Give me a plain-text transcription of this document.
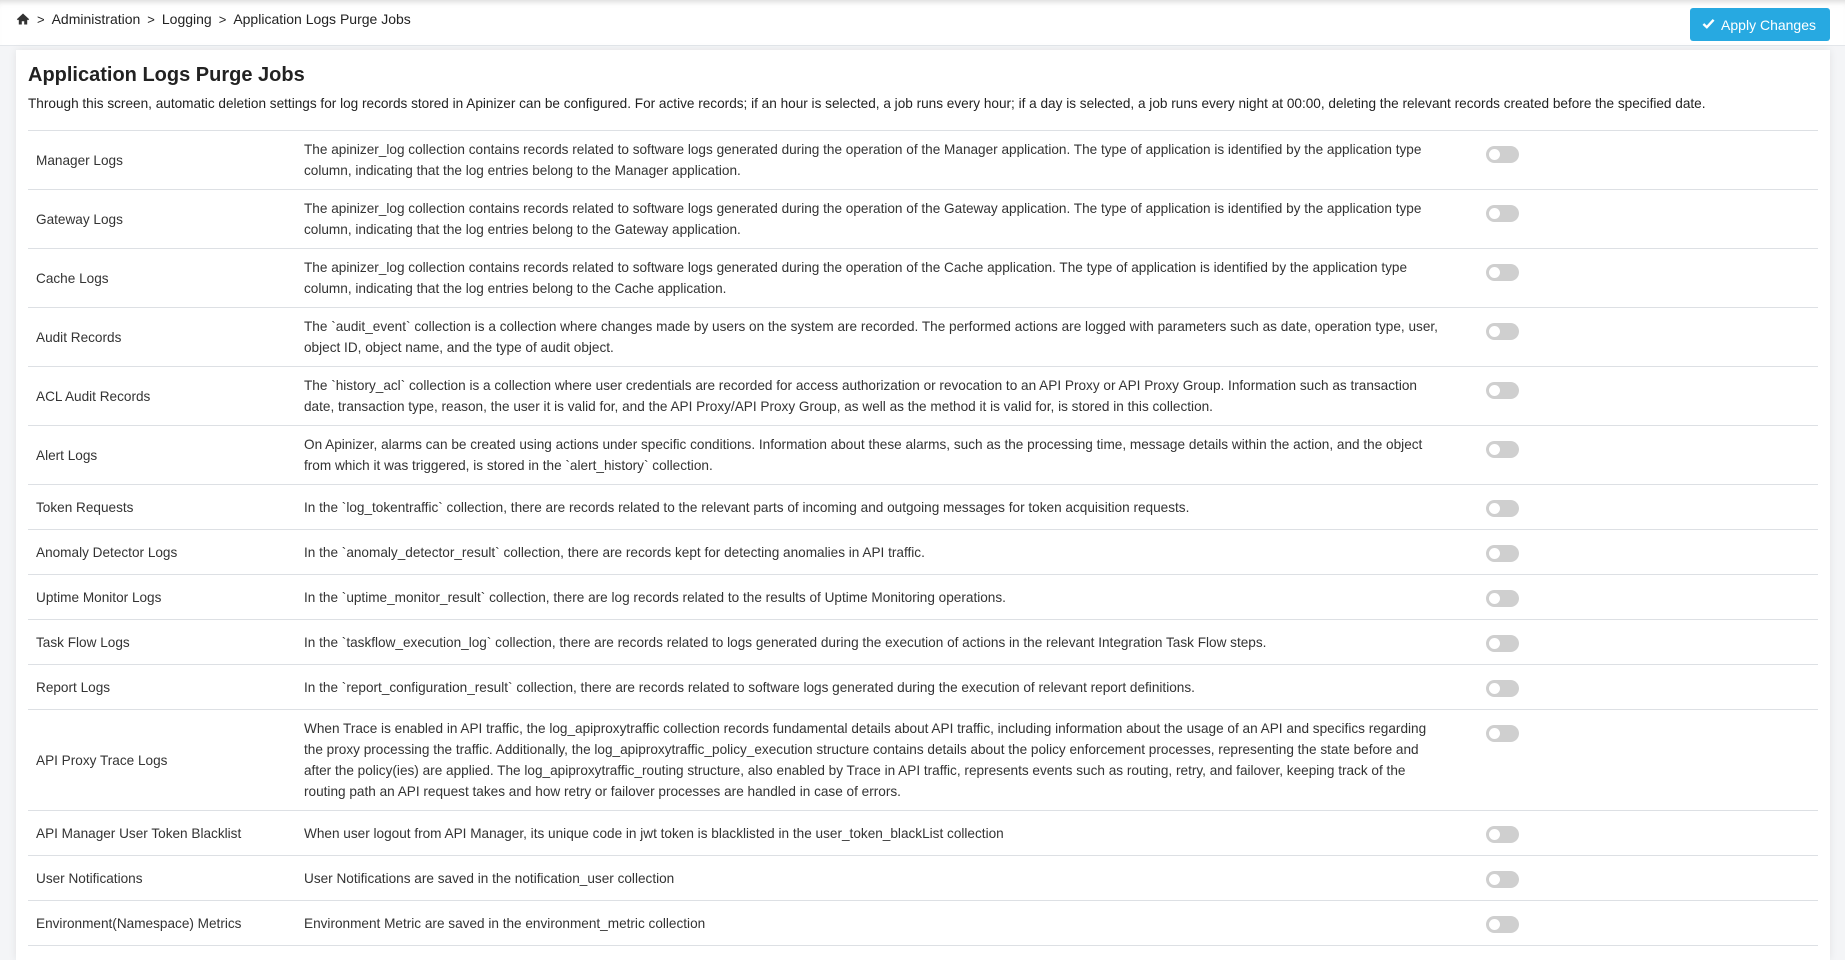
> Administration > Logging > Application Logs Purge Jobs	Apply Changes
Application Logs Purge Jobs
Through this screen, automatic deletion settings for log records stored in Apinizer can be configured. For active records; if an hour is selected, a job runs every hour; if a day is selected, a job runs every night at 00:00, deleting the relevant records created before the specified date.
Manager Logs	The apinizer_log collection contains records related to software logs generated during the operation of the Manager application. The type of application is identified by the application type column, indicating that the log entries belong to the Manager application.	

Gateway Logs	The apinizer_log collection contains records related to software logs generated during the operation of the Gateway application. The type of application is identified by the application type column, indicating that the log entries belong to the Gateway application.	

Cache Logs	The apinizer_log collection contains records related to software logs generated during the operation of the Cache application. The type of application is identified by the application type column, indicating that the log entries belong to the Cache application.	

Audit Records	The `audit_event` collection is a collection where changes made by users on the system are recorded. The performed actions are logged with parameters such as date, operation type, user, object ID, object name, and the type of audit object.	

ACL Audit Records	The `history_acl` collection is a collection where user credentials are recorded for access authorization or revocation to an API Proxy or API Proxy Group. Information such as transaction date, transaction type, reason, the user it is valid for, and the API Proxy/API Proxy Group, as well as the method it is valid for, is stored in this collection.	

Alert Logs	On Apinizer, alarms can be created using actions under specific conditions. Information about these alarms, such as the processing time, message details within the action, and the object from which it was triggered, is stored in the `alert_history` collection.	

Token Requests	In the `log_tokentraffic` collection, there are records related to the relevant parts of incoming and outgoing messages for token acquisition requests.	

Anomaly Detector Logs	In the `anomaly_detector_result` collection, there are records kept for detecting anomalies in API traffic.	

Uptime Monitor Logs	In the `uptime_monitor_result` collection, there are log records related to the results of Uptime Monitoring operations.	

Task Flow Logs	In the `taskflow_execution_log` collection, there are records related to logs generated during the execution of actions in the relevant Integration Task Flow steps.	

Report Logs	In the `report_configuration_result` collection, there are records related to software logs generated during the execution of relevant report definitions.	

API Proxy Trace Logs	When Trace is enabled in API traffic, the log_apiproxytraffic collection records fundamental details about API traffic, including information about the usage of an API and specifics regarding the proxy processing the traffic. Additionally, the log_apiproxytraffic_policy_execution structure contains details about the policy enforcement processes, representing the state before and after the policy(ies) are applied. The log_apiproxytraffic_routing structure, also enabled by Trace in API traffic, represents events such as routing, retry, and failover, keeping track of the routing path an API request takes and how retry or failover processes are handled in case of errors.	

API Manager User Token Blacklist	When user logout from API Manager, its unique code in jwt token is blacklisted in the user_token_blackList collection	

User Notifications	User Notifications are saved in the notification_user collection	

Environment(Namespace) Metrics	Environment Metric are saved in the environment_metric collection	
